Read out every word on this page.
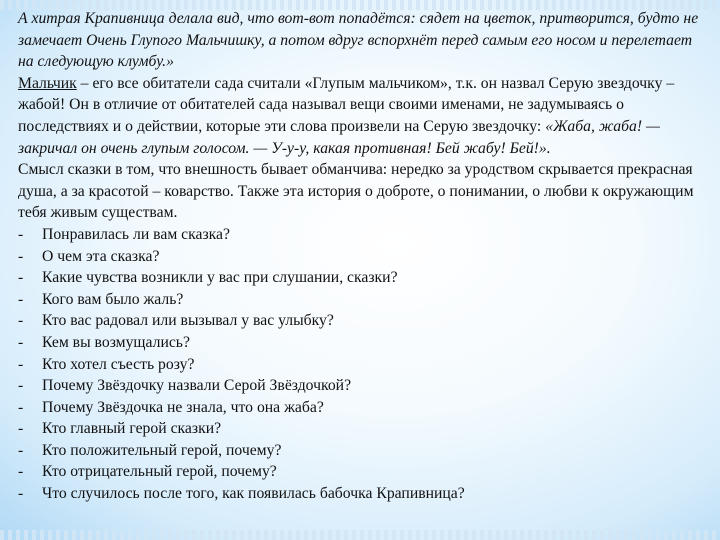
А хитрая Крапивница делала вид, что вот-вот попадётся: сядет на цветок, притворится, будто не замечает Очень Глупого Мальчишку, а потом вдруг вспорхнёт перед самым его носом и перелетает на следующую клумбу.»

Мальчик – его все обитатели сада считали «Глупым мальчиком», т.к. он назвал Серую звездочку – жабой! Он в отличие от обитателей сада называл вещи своими именами, не задумываясь о последствиях и о действии, которые эти слова произвели на Серую звездочку: «Жаба, жаба! — закричал он очень глупым голосом. — У-у-у, какая противная! Бей жабу! Бей!».

Смысл сказки в том, что внешность бывает обманчива: нередко за уродством скрывается прекрасная душа, а за красотой – коварство. Также эта история о доброте, о понимании, о любви к окружающим тебя живым существам.

- Понравилась ли вам сказка?
- О чем эта сказка?
- Какие чувства возникли у вас при слушании, сказки?
- Кого вам было жаль?
- Кто вас радовал или вызывал у вас улыбку?
- Кем вы возмущались?
- Кто хотел съесть розу?
- Почему Звёздочку назвали Серой Звёздочкой?
- Почему Звёздочка не знала, что она жаба?
- Кто главный герой сказки?
- Кто положительный герой, почему?
- Кто отрицательный герой, почему?
- Что случилось после того, как появилась бабочка Крапивница?
